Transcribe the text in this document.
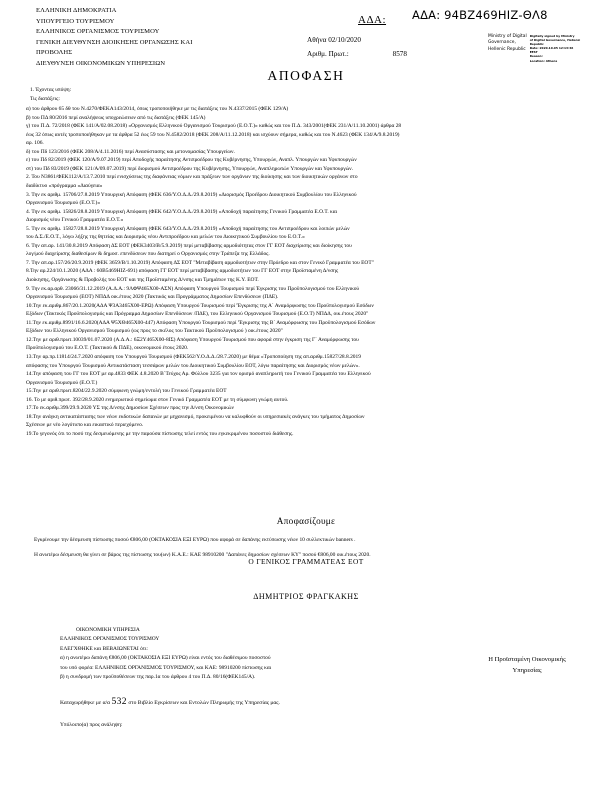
ΕΛΛΗΝΙΚΗ ΔΗΜΟΚΡΑΤΙΑ
ΥΠΟΥΡΓΕΙΟ ΤΟΥΡΙΣΜΟΥ
ΕΛΛΗΝΙΚΟΣ ΟΡΓΑΝΙΣΜΟΣ ΤΟΥΡΙΣΜΟΥ
ΓΕΝΙΚΗ ΔΙΕΥΘΥΝΣΗ ΔΙΟΙΚΗΣΗΣ ΟΡΓΑΝΩΣΗΣ ΚΑΙ
ΠΡΟΒΟΛΗΣ
ΔΙΕΥΘΥΝΣΗ ΟΙΚΟΝΟΜΙΚΩΝ ΥΠΗΡΕΣΙΩΝ
ΑΔΑ: ΑΔΑ: 94ΒΖ469ΗΙΖ-ΘΛ8
Αθήνα 02/10/2020
Αριθμ. Πρωτ.:	8578
Ministry of Digital
Governance,
Hellenic Republic
Digitally signed by Ministry
of Digital Governance, Hellenic
Republic
Date: 2020.10.05 12:13:46
EEST
Reason:
Location: Athens
ΑΠΟΦΑΣΗ

1. Έχοντας υπόψη:

Τις διατάξεις:

α) του άρθρου 65 δθ του Ν.4270/ΦΕΚΑ143/2014, όπως τροποποιήθηκε με τις διατάξεις του Ν.4337/2015 (ΦΕΚ 129/Α)

β) του ΠΔ 80/2016 περί αναλήψεως υποχρεώσεων από τις διατάξεις (ΦΕΚ 145/Α)

γ) του Π.Δ. 72/2018 (ΦΕΚ 141/Α/02.08.2018) «Οργανισμός Ελληνικού Οργανισμού Τουρισμού (Ε.Ο.Τ.)» καθώς και του Π.Δ. 343/2001(ΦΕΚ 231/Α/11.10.2001) άρθρα 28

έως 32 όπως αυτές τροποποιήθηκαν με τα άρθρα 52 έως 59 του Ν.4582/2018 (ΦΕΚ 208/Α/11.12.2018) και ισχύουν σήμερα, καθώς και του Ν.4623 (ΦΕΚ 134/Α/9.8.2019)

αρ. 106.

δ) του Πδ 123/2016 (ΦΕΚ 208/Α/4.11.2016) περί Ανασύστασης και μετονομασίας Υπουργείων.

ε) του Πδ 82/2019 (ΦΕΚ 120/Α/9.07.2019) περί Αποδοχής παραίτησης Αντιπροέδρου της Κυβέρνησης, Υπουργών, Αναπλ. Υπουργών και Υφυπουργών

στ) του Πδ 83/2019 (ΦΕΚ 121/Α/09.07.2019) περί διορισμού Αντιπροέδρου της Κυβέρνησης, Υπουργών, Αναπληρωτών Υπουργών και Υφυπουργών.

2. Του Ν3861/ΦΕΚ112/Α/13.7.2010 περί ενισχύσεως της διαφάνειας νόμων και πράξεων των οργάνων της διοίκησης και των διοικητικών οργάνων στο

διαδίκτυο «πρόγραμμα «Διαύγεια»

3. Την εκ αριθμ. 15706/27.8.2019 Υπουργική Απόφαση (ΦΕΚ 636/Υ.Ο.Δ.Δ./29.8.2019) «Διορισμός Προέδρου Διοικητικού Συμβουλίου του Ελληνικού

Οργανισμού Τουρισμού (Ε.Ο.Τ.)»

4. Την εκ αριθμ. 15826/28.8.2019 Υπουργική Απόφαση (ΦΕΚ 642/Υ.Ο.Δ.Δ./29.8.2019) «Αποδοχή παραίτησης Γενικού Γραμματέα Ε.Ο.Τ. και

Διορισμός νέου Γενικού Γραμματέα Ε.Ο.Τ.»

5. Την εκ αριθμ. 15827/28.8.2019 Υπουργική Απόφαση (ΦΕΚ 643/Υ.Ο.Δ.Δ./29.8.2019) «Αποδοχή παραίτησης του Αντιπροέδρου και λοιπών μελών

του Δ.Σ./Ε.Ο.Τ., λόγω λήξης της θητείας και Διορισμός νέου Αντιπροέδρου και μελών του Διοικητικού Συμβουλίου του Ε.Ο.Τ.»

6. Την απ.αρ. 141/30.8.2019 Απόφαση ΔΣ ΕΟΤ (ΦΕΚ3403/Β/5.9.2019) περί μεταβίβασης αρμοδιότητας στον ΓΓ ΕΟΤ διαχείρισης και διοίκησης του

λογ/μού διαχείρισης διαθεσίμων & δημοσ. επενδύσεων που διατηρεί ο Οργανισμός στην Τράπεζα της Ελλάδος.

7. Την απ.αρ.157/26/20.9.2019 (ΦΕΚ 3659/Β/1.10.2019) Απόφαση ΔΣ ΕΟΤ "Μεταβίβαση αρμοδιοτήτων στην Πρόεδρο και στον Γενικό Γραμματέα του ΕΟΤ"

8.Την αρ.224/10.1.2020 (ΑΔΑ : 60Β5469ΗΙΖ-691) απόφαση ΓΓ ΕΟΤ περί μεταβίβασης αρμοδιοτήτων του ΓΓ ΕΟΤ στην Προϊσταμένη Δ/νσης

Διοίκησης, Οργάνωσης & Προβολής του ΕΟΤ και της Προϊσταμένης Δ/νσης και Τμημάτων της Κ.Υ. ΕΟΤ.

9. Την εκ.αρ.αρθ. 23066/31.12.2019 (Α.Δ.Α.: 9ΛΦΨ465Χ00-ΑΣΝ) Απόφαση Υπουργού Τουρισμού περί Έγκρισης του Προϋπολογισμού του Ελληνικού

Οργανισμού Τουρισμού (ΕΟΤ) ΝΠΔΔ οικ.έτους 2020 (Τακτικός και Προγράμματος Δημοσίων Επενδύσεων (ΠΔΕ).

10.Την εκ.αριθμ.867/20.1.2020(ΑΔΑ Ψ3Α3465Χ00-ΕΡΩ) Απόφαση Υπουργού Τουρισμού περί 'Έγκρισης της Α΄ Αναμόρφωσης του Προϋπολογισμού Εσόδων

Εξόδων (Τακτικός Προϋπολογισμός και Πρόγραμμα Δημοσίων Επενδύσεων /ΠΔΕ), του Ελληνικού Οργανισμού Τουρισμού (Ε.Ο.Τ) ΝΠΔΔ, οικ.έτους 2020"

11.Την εκ.αριθμ.8991/16.6.2020(ΑΔΑ Ψ5ΧΘ465Χ00-447) Απόφαση Υπουργού Τουρισμού περί 'Έγκρισης της Β΄ Αναμόρφωσης του Προϋπολογισμού Εσόδων

Εξόδων του Ελληνικού Οργανισμού Τουρισμού (ως προς το σκέλος του Τακτικού Προϋπολογισμού ) οικ.έτους 2020"

12.Την με αριθ.πρωτ.10039/01.07.2020 (Α.Δ.Α.: 6Ξ2Υ465Χ00-8ΙΣ) Απόφαση Υπουργού Τουρισμού που αφορά στην έγκριση της Γ΄ Αναμόρφωσης του

Προϋπολογισμού του Ε.Ο.Τ. (Τακτικού & ΠΔΕ), οικονομικού έτους 2020.

13.Την αρ.πρ.11814/24.7.2020 απόφαση του Υπουργού Τουρισμού (ΦΕΚ562/Υ.Ο.Δ.Δ./28.7.2020) με θέμα «Τροποποίηση της απ.αριθμ.15827/28.8.2019

απόφασης του Υπουργού Τουρισμού Αντικατάσταση τεσσάρων μελών του Διοικητικού Συμβουλίου ΕΟΤ, λόγω παραίτησης και Διορισμός νέων μελών».

14.Την απόφαση του ΓΓ του ΕΟΤ με αρ.4833 ΦΕΚ 4.8.2020 Β΄Τεύχος Αρ. Φύλλου 3235 για τον ορισμό αναπληρωτή του Γενικού Γραμματέα του Ελληνικού

Οργανισμού Τουρισμού (Ε.Ο.Τ.)

15.Την με αριθ.πρωτ.8204/22.9.2020 σύμφωνη γνώμη/εντολή του Γενικού Γραμματέα ΕΟΤ

16. Το με αριθ.πρωτ. 392/28.9.2020 ενημερωτικό σημείωμα στον Γενικό Γραμματέα ΕΟΤ με τη σύμφωνη γνώμη αυτού.

17.Το εκ.αριθμ.399/29.9.2020 ΥΣ της Δ/νσης Δημοσίων Σχέσεων προς την Δ/νση Οικονομικών

18.Την ανάγκη αντικατάστασης των νέων εκδοτικών δαπανών με μηχανισμό, προκειμένου να καλυφθούν οι υπηρεσιακές ανάγκες του τμήματος Δημοσίων

Σχέσεων με νέο λογότυπο και εικαστικό περιεχόμενο.

19.Το γεγονός ότι το ποσό της δεσμευόμενης με την παρούσα πίστωσης τελεί εντός του εγκεκριμένου ποσοστού διάθεσης.

Αποφασίζουμε

Εγκρίνουμε την δέσμευση πίστωσης ποσού €806,00 (ΟΚΤΑΚΟΣΙΑ ΕΞΙ ΕΥΡΩ) που αφορά σε δαπάνης εκτύπωσης νέων 10 συλλεκτικών banners .

Η ανωτέρω δέσμευση θα γίνει σε βάρος της πίστωσης του(ων) Κ.Α.Ε.: ΚΑΕ 98910200 "Δαπάνες δημοσίων σχέσεων ΚΥ" ποσού €806,00 οικ.έτους 2020.

Ο ΓΕΝΙΚΟΣ ΓΡΑΜΜΑΤΕΑΣ ΕΟΤ
ΔΗΜΗΤΡΙΟΣ ΦΡΑΓΚΑΚΗΣ
ΟΙΚΟΝΟΜΙΚΗ ΥΠΗΡΕΣΙΑ
ΕΛΛΗΝΙΚΟΣ ΟΡΓΑΝΙΣΜΟΣ ΤΟΥΡΙΣΜΟΥ
ΕΛΕΓΧΘΗΚΕ και ΒΕΒΑΙΩΝΕΤΑΙ ότι:
α) η ανωτέρω δαπάνη €806,00 (ΟΚΤΑΚΟΣΙΑ ΕΞΙ ΕΥΡΩ) είναι εντός του διαθέσιμου ποσοστού
του υπό φορέα: ΕΛΛΗΝΙΚΟΣ ΟΡΓΑΝΙΣΜΟΣ ΤΟΥΡΙΣΜΟΥ, και ΚΑΕ: 98910200 πίστωσης και
β) η συνδρομή των προϋποθέσεων της παρ.1α του άρθρου 4 του Π.Δ. 80/16(ΦΕΚ145/Α).
Καταχωρήθηκε με α/α 532 στο Βιβλίο Εγκρίσεων και Εντολών Πληρωμής της Υπηρεσίας μας.
Υπόλοιπο(α) προς ανάληψη:
Η Προϊσταμένη Οικονομικής
Υπηρεσίας
